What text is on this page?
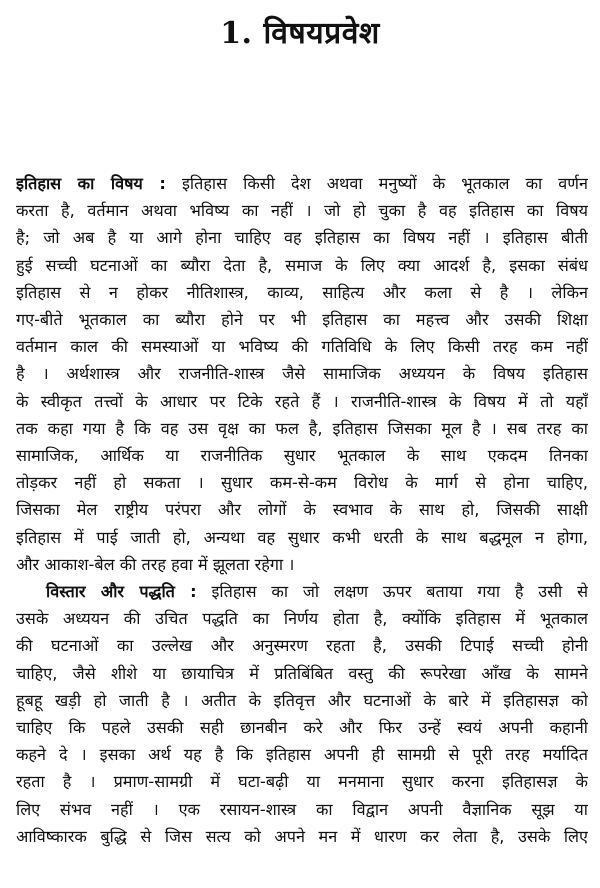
1. विषयप्रवेश
इतिहास का विषय : इतिहास किसी देश अथवा मनुष्यों के भूतकाल का वर्णन
करता है, वर्तमान अथवा भविष्य का नहीं । जो हो चुका है वह इतिहास का विषय
है; जो अब है या आगे होना चाहिए वह इतिहास का विषय नहीं । इतिहास बीती
हुई सच्ची घटनाओं का ब्यौरा देता है, समाज के लिए क्या आदर्श है, इसका संबंध
इतिहास से न होकर नीतिशास्त्र, काव्य, साहित्य और कला से है । लेकिन
गए-बीते भूतकाल का ब्यौरा होने पर भी इतिहास का महत्त्व और उसकी शिक्षा
वर्तमान काल की समस्याओं या भविष्य की गतिविधि के लिए किसी तरह कम नहीं
है । अर्थशास्त्र और राजनीति-शास्त्र जैसे सामाजिक अध्ययन के विषय इतिहास
के स्वीकृत तत्त्वों के आधार पर टिके रहते हैं । राजनीति-शास्त्र के विषय में तो यहाँ
तक कहा गया है कि वह उस वृक्ष का फल है, इतिहास जिसका मूल है । सब तरह का
सामाजिक, आर्थिक या राजनीतिक सुधार भूतकाल के साथ एकदम तिनका
तोड़कर नहीं हो सकता । सुधार कम-से-कम विरोध के मार्ग से होना चाहिए,
जिसका मेल राष्ट्रीय परंपरा और लोगों के स्वभाव के साथ हो, जिसकी साक्षी
इतिहास में पाई जाती हो, अन्यथा वह सुधार कभी धरती के साथ बद्धमूल न होगा,
और आकाश-बेल की तरह हवा में झूलता रहेगा ।
विस्तार और पद्धति : इतिहास का जो लक्षण ऊपर बताया गया है उसी से
उसके अध्ययन की उचित पद्धति का निर्णय होता है, क्योंकि इतिहास में भूतकाल
की घटनाओं का उल्लेख और अनुस्मरण रहता है, उसकी टिपाई सच्ची होनी
चाहिए, जैसे शीशे या छायाचित्र में प्रतिबिंबित वस्तु की रूपरेखा आँख के सामने
हूबहू खड़ी हो जाती है । अतीत के इतिवृत्त और घटनाओं के बारे में इतिहासज्ञ को
चाहिए कि पहले उसकी सही छानबीन करे और फिर उन्हें स्वयं अपनी कहानी
कहने दे । इसका अर्थ यह है कि इतिहास अपनी ही सामग्री से पूरी तरह मर्यादित
रहता है । प्रमाण-सामग्री में घटा-बढ़ी या मनमाना सुधार करना इतिहासज्ञ के
लिए संभव नहीं । एक रसायन-शास्त्र का विद्वान अपनी वैज्ञानिक सूझ या
आविष्कारक बुद्धि से जिस सत्य को अपने मन में धारण कर लेता है, उसके लिए
